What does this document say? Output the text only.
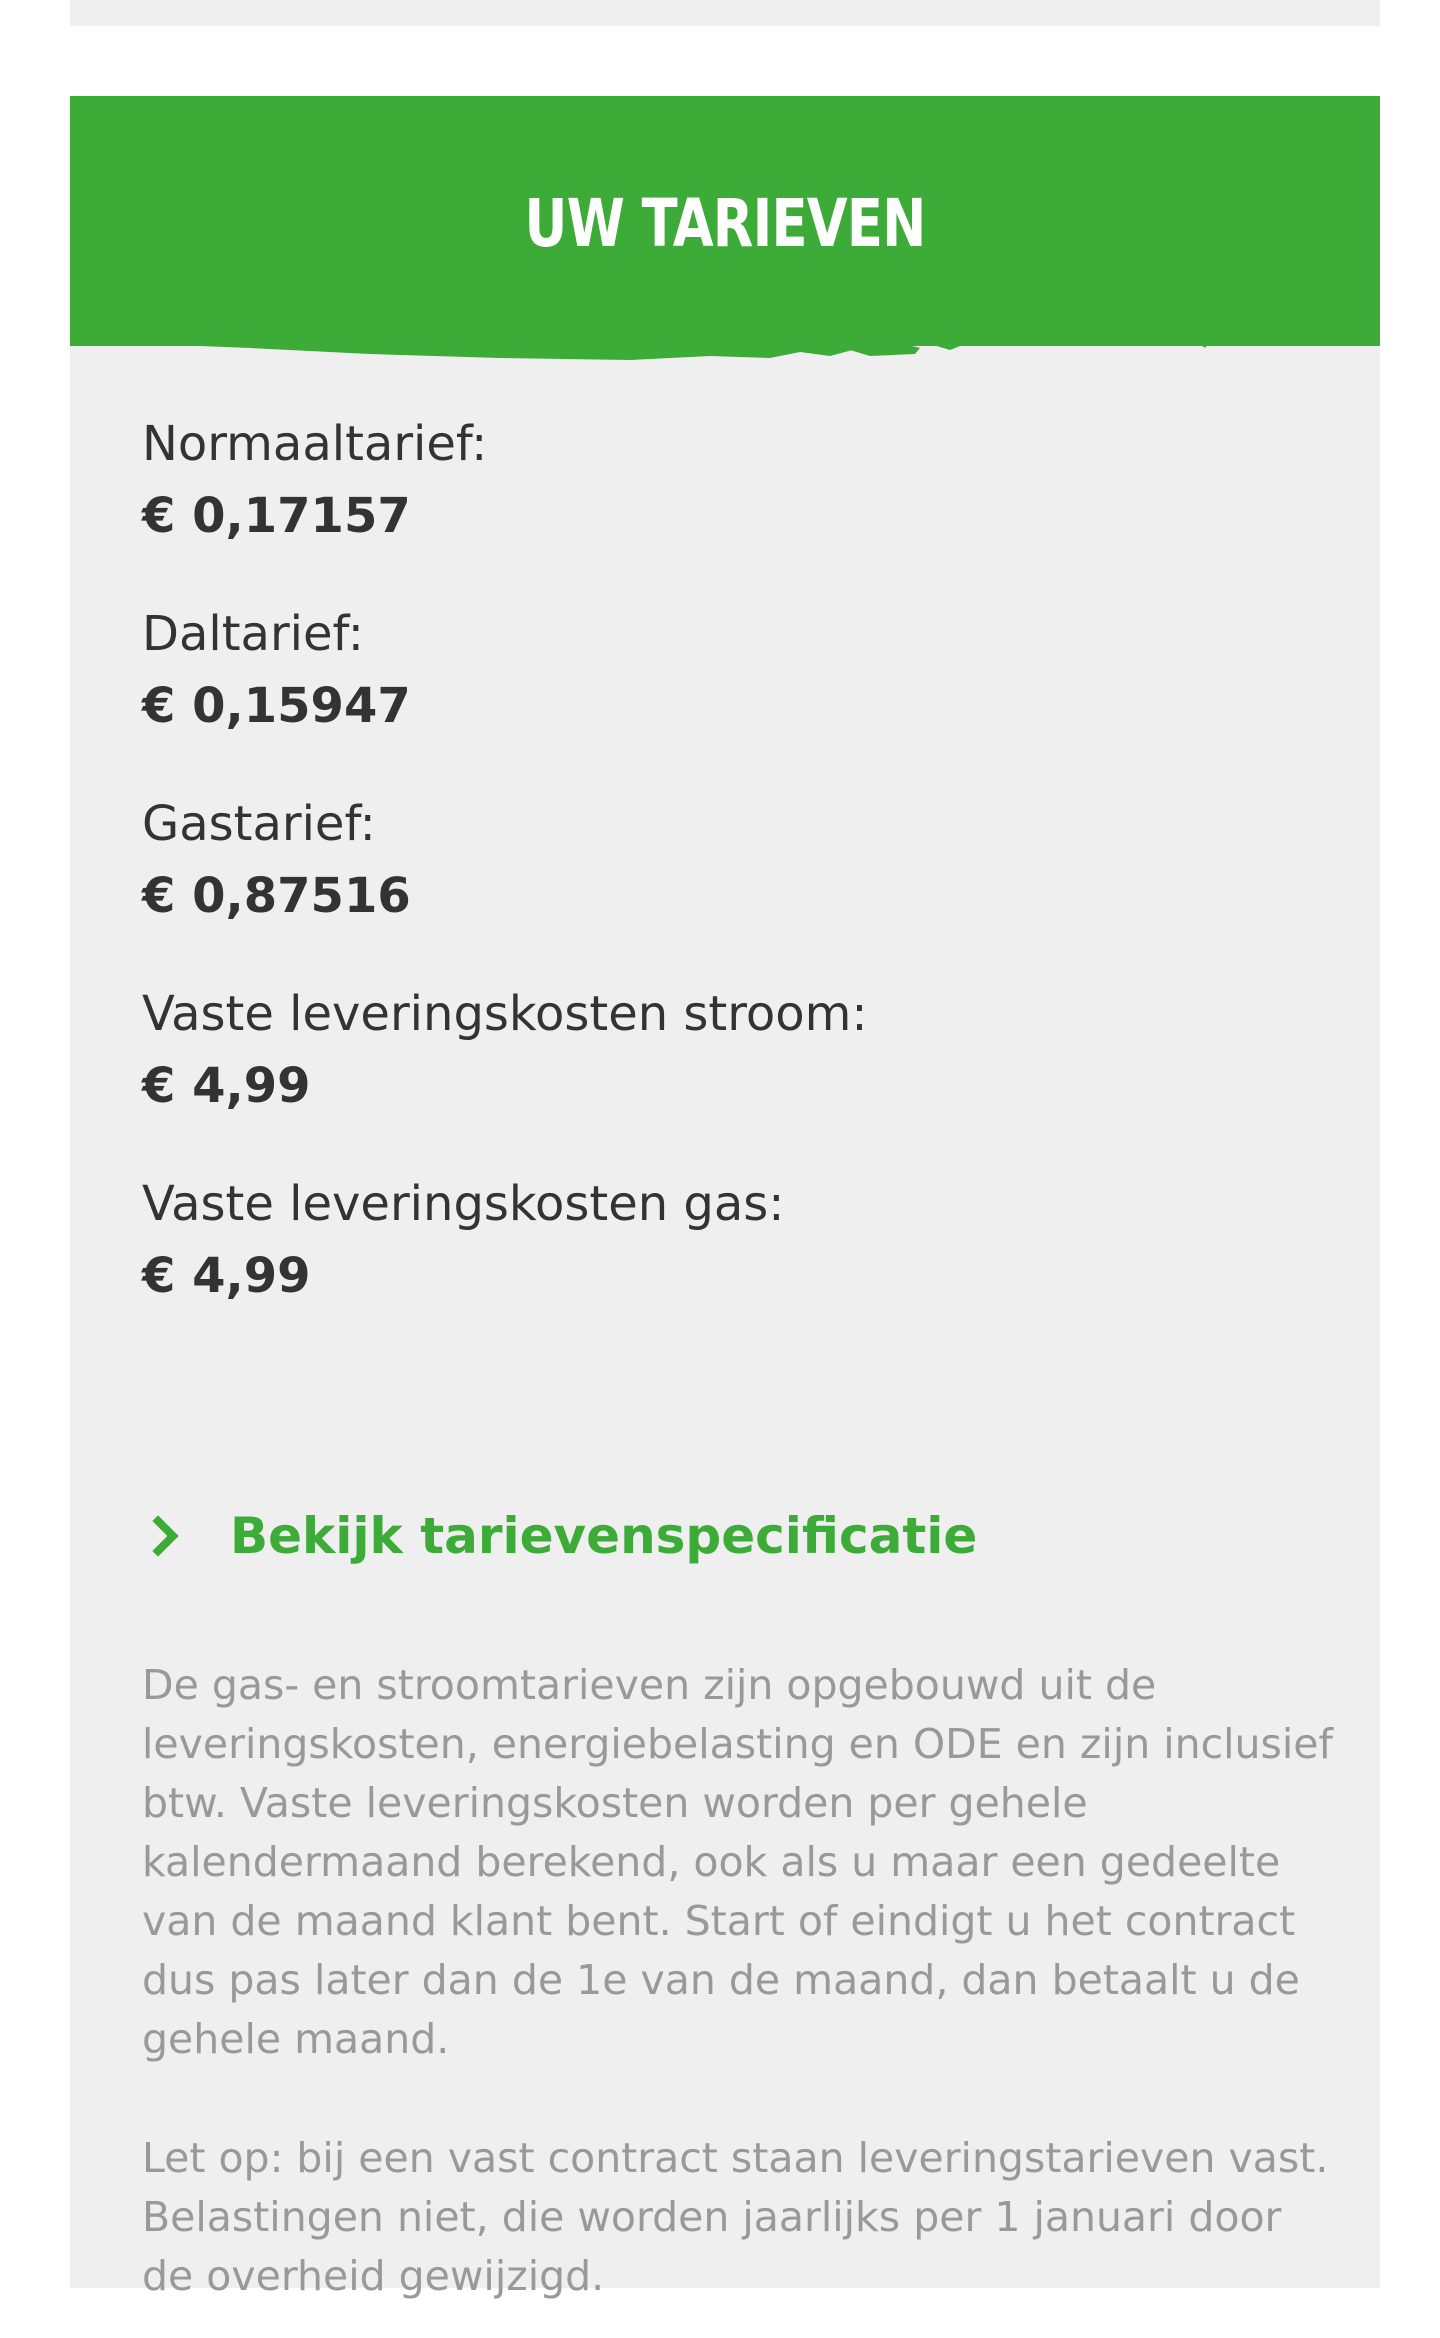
UW TARIEVEN
Normaaltarief:
€ 0,17157
Daltarief:
€ 0,15947
Gastarief:
€ 0,87516
Vaste leveringskosten stroom:
€ 4,99
Vaste leveringskosten gas:
€ 4,99
Bekijk tarievenspecificatie

De gas- en stroomtarieven zijn opgebouwd uit de leveringskosten, energiebelasting en ODE en zijn inclusief btw. Vaste leveringskosten worden per gehele kalendermaand berekend, ook als u maar een gedeelte van de maand klant bent. Start of eindigt u het contract dus pas later dan de 1e van de maand, dan betaalt u de gehele maand.

Let op: bij een vast contract staan leveringstarieven vast. Belastingen niet, die worden jaarlijks per 1 januari door de overheid gewijzigd.
